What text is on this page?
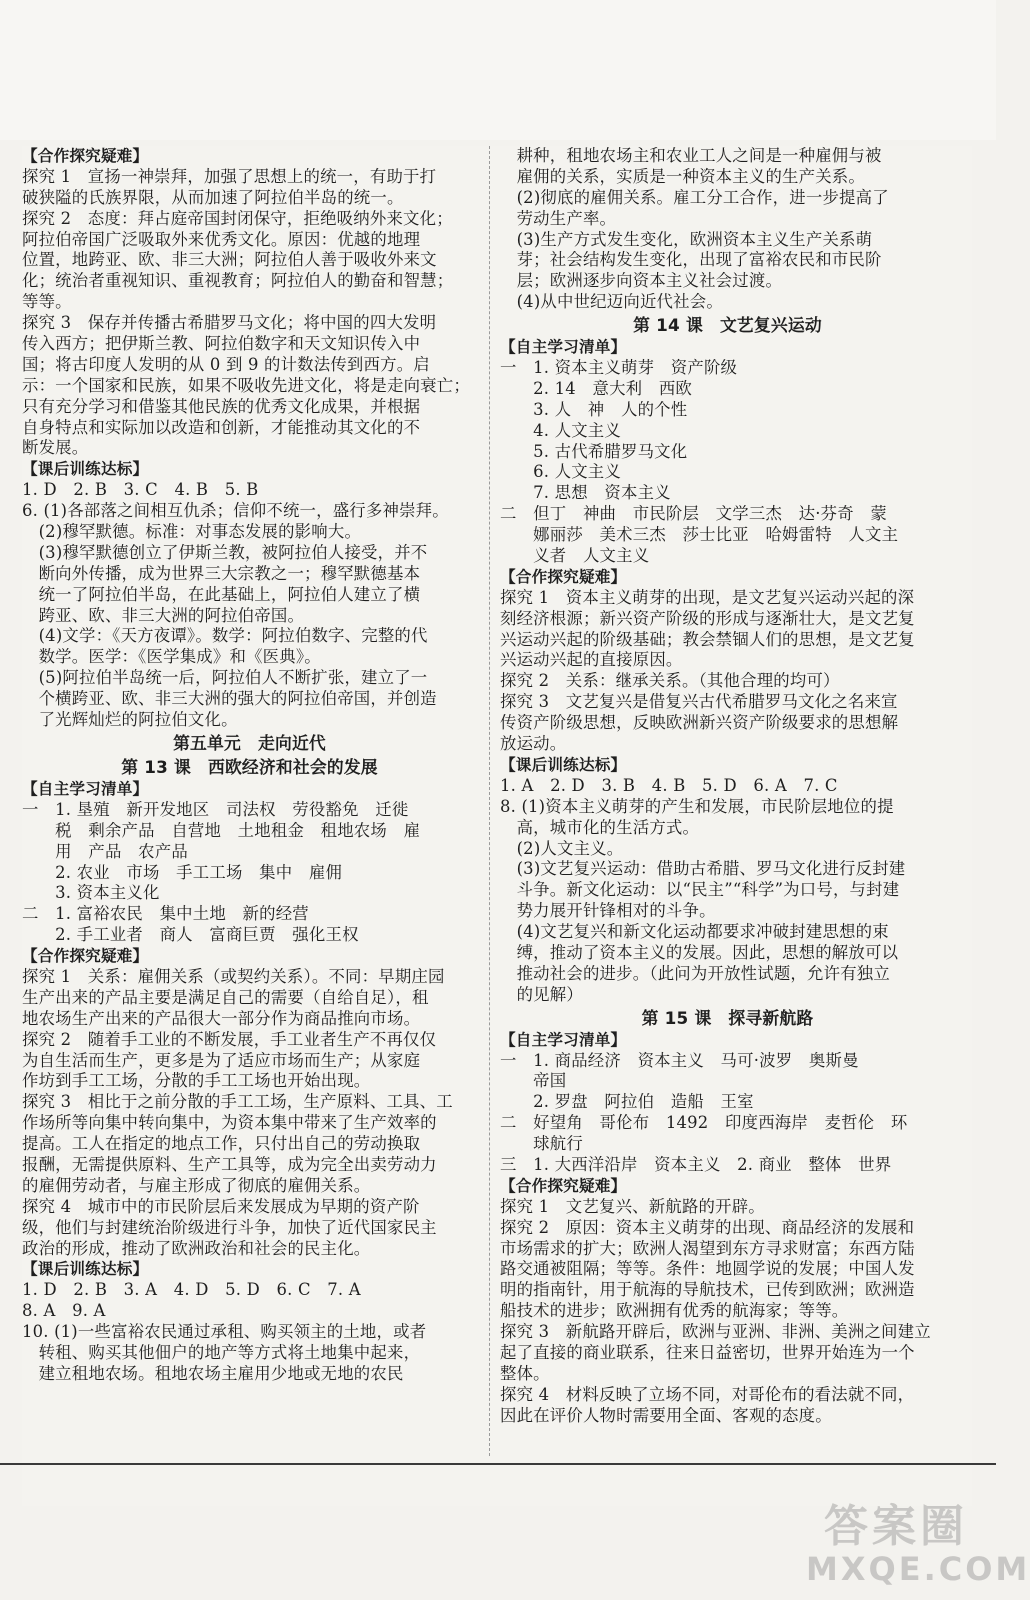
【合作探究疑难】
探究 1　宣扬一神崇拜，加强了思想上的统一，有助于打
破狭隘的氏族界限，从而加速了阿拉伯半岛的统一。
探究 2　态度：拜占庭帝国封闭保守，拒绝吸纳外来文化；
阿拉伯帝国广泛吸取外来优秀文化。原因：优越的地理
位置，地跨亚、欧、非三大洲；阿拉伯人善于吸收外来文
化；统治者重视知识、重视教育；阿拉伯人的勤奋和智慧；
等等。
探究 3　保存并传播古希腊罗马文化；将中国的四大发明
传入西方；把伊斯兰教、阿拉伯数字和天文知识传入中
国；将古印度人发明的从 0 到 9 的计数法传到西方。启
示：一个国家和民族，如果不吸收先进文化，将是走向衰亡；
只有充分学习和借鉴其他民族的优秀文化成果，并根据
自身特点和实际加以改造和创新，才能推动其文化的不
断发展。
【课后训练达标】
1. D　2. B　3. C　4. B　5. B
6. (1)各部落之间相互仇杀；信仰不统一，盛行多神崇拜。
　(2)穆罕默德。标准：对事态发展的影响大。
　(3)穆罕默德创立了伊斯兰教，被阿拉伯人接受，并不
　断向外传播，成为世界三大宗教之一；穆罕默德基本
　统一了阿拉伯半岛，在此基础上，阿拉伯人建立了横
　跨亚、欧、非三大洲的阿拉伯帝国。
　(4)文学：《天方夜谭》。数学：阿拉伯数字、完整的代
　数学。医学：《医学集成》和《医典》。
　(5)阿拉伯半岛统一后，阿拉伯人不断扩张，建立了一
　个横跨亚、欧、非三大洲的强大的阿拉伯帝国，并创造
　了光辉灿烂的阿拉伯文化。
第五单元　走向近代
第 13 课　西欧经济和社会的发展
【自主学习清单】
一　1. 垦殖　新开发地区　司法权　劳役豁免　迁徙
　　税　剩余产品　自营地　土地租金　租地农场　雇
　　用　产品　农产品
　　2. 农业　市场　手工工场　集中　雇佣
　　3. 资本主义化
二　1. 富裕农民　集中土地　新的经营
　　2. 手工业者　商人　富商巨贾　强化王权
【合作探究疑难】
探究 1　关系：雇佣关系（或契约关系）。不同：早期庄园
生产出来的产品主要是满足自己的需要（自给自足），租
地农场生产出来的产品很大一部分作为商品推向市场。
探究 2　随着手工业的不断发展，手工业者生产不再仅仅
为自生活而生产，更多是为了适应市场而生产；从家庭
作坊到手工工场，分散的手工工场也开始出现。
探究 3　相比于之前分散的手工工场，生产原料、工具、工
作场所等向集中转向集中，为资本集中带来了生产效率的
提高。工人在指定的地点工作，只付出自己的劳动换取
报酬，无需提供原料、生产工具等，成为完全出卖劳动力
的雇佣劳动者，与雇主形成了彻底的雇佣关系。
探究 4　城市中的市民阶层后来发展成为早期的资产阶
级，他们与封建统治阶级进行斗争，加快了近代国家民主
政治的形成，推动了欧洲政治和社会的民主化。
【课后训练达标】
1. D　2. B　3. A　4. D　5. D　6. C　7. A
8. A　9. A
10. (1)一些富裕农民通过承租、购买领主的土地，或者
　转租、购买其他佃户的地产等方式将土地集中起来，
　建立租地农场。租地农场主雇用少地或无地的农民
　耕种，租地农场主和农业工人之间是一种雇佣与被
　雇佣的关系，实质是一种资本主义的生产关系。
　(2)彻底的雇佣关系。雇工分工合作，进一步提高了
　劳动生产率。
　(3)生产方式发生变化，欧洲资本主义生产关系萌
　芽；社会结构发生变化，出现了富裕农民和市民阶
　层；欧洲逐步向资本主义社会过渡。
　(4)从中世纪迈向近代社会。
第 14 课　文艺复兴运动
【自主学习清单】
一　1. 资本主义萌芽　资产阶级
　　2. 14　意大利　西欧
　　3. 人　神　人的个性
　　4. 人文主义
　　5. 古代希腊罗马文化
　　6. 人文主义
　　7. 思想　资本主义
二　但丁　神曲　市民阶层　文学三杰　达·芬奇　蒙
　　娜丽莎　美术三杰　莎士比亚　哈姆雷特　人文主
　　义者　人文主义
【合作探究疑难】
探究 1　资本主义萌芽的出现，是文艺复兴运动兴起的深
刻经济根源；新兴资产阶级的形成与逐渐壮大，是文艺复
兴运动兴起的阶级基础；教会禁锢人们的思想，是文艺复
兴运动兴起的直接原因。
探究 2　关系：继承关系。（其他合理的均可）
探究 3　文艺复兴是借复兴古代希腊罗马文化之名来宣
传资产阶级思想，反映欧洲新兴资产阶级要求的思想解
放运动。
【课后训练达标】
1. A　2. D　3. B　4. B　5. D　6. A　7. C
8. (1)资本主义萌芽的产生和发展，市民阶层地位的提
　高，城市化的生活方式。
　(2)人文主义。
　(3)文艺复兴运动：借助古希腊、罗马文化进行反封建
　斗争。新文化运动：以“民主”“科学”为口号，与封建
　势力展开针锋相对的斗争。
　(4)文艺复兴和新文化运动都要求冲破封建思想的束
　缚，推动了资本主义的发展。因此，思想的解放可以
　推动社会的进步。（此问为开放性试题，允许有独立
　的见解）
第 15 课　探寻新航路
【自主学习清单】
一　1. 商品经济　资本主义　马可·波罗　奥斯曼
　　帝国
　　2. 罗盘　阿拉伯　造船　王室
二　好望角　哥伦布　1492　印度西海岸　麦哲伦　环
　　球航行
三　1. 大西洋沿岸　资本主义　2. 商业　整体　世界
【合作探究疑难】
探究 1　文艺复兴、新航路的开辟。
探究 2　原因：资本主义萌芽的出现、商品经济的发展和
市场需求的扩大；欧洲人渴望到东方寻求财富；东西方陆
路交通被阻隔；等等。条件：地圆学说的发展；中国人发
明的指南针，用于航海的导航技术，已传到欧洲；欧洲造
船技术的进步；欧洲拥有优秀的航海家；等等。
探究 3　新航路开辟后，欧洲与亚洲、非洲、美洲之间建立
起了直接的商业联系，往来日益密切，世界开始连为一个
整体。
探究 4　材料反映了立场不同，对哥伦布的看法就不同，
因此在评价人物时需要用全面、客观的态度。
答案圈
MXQE.COM
